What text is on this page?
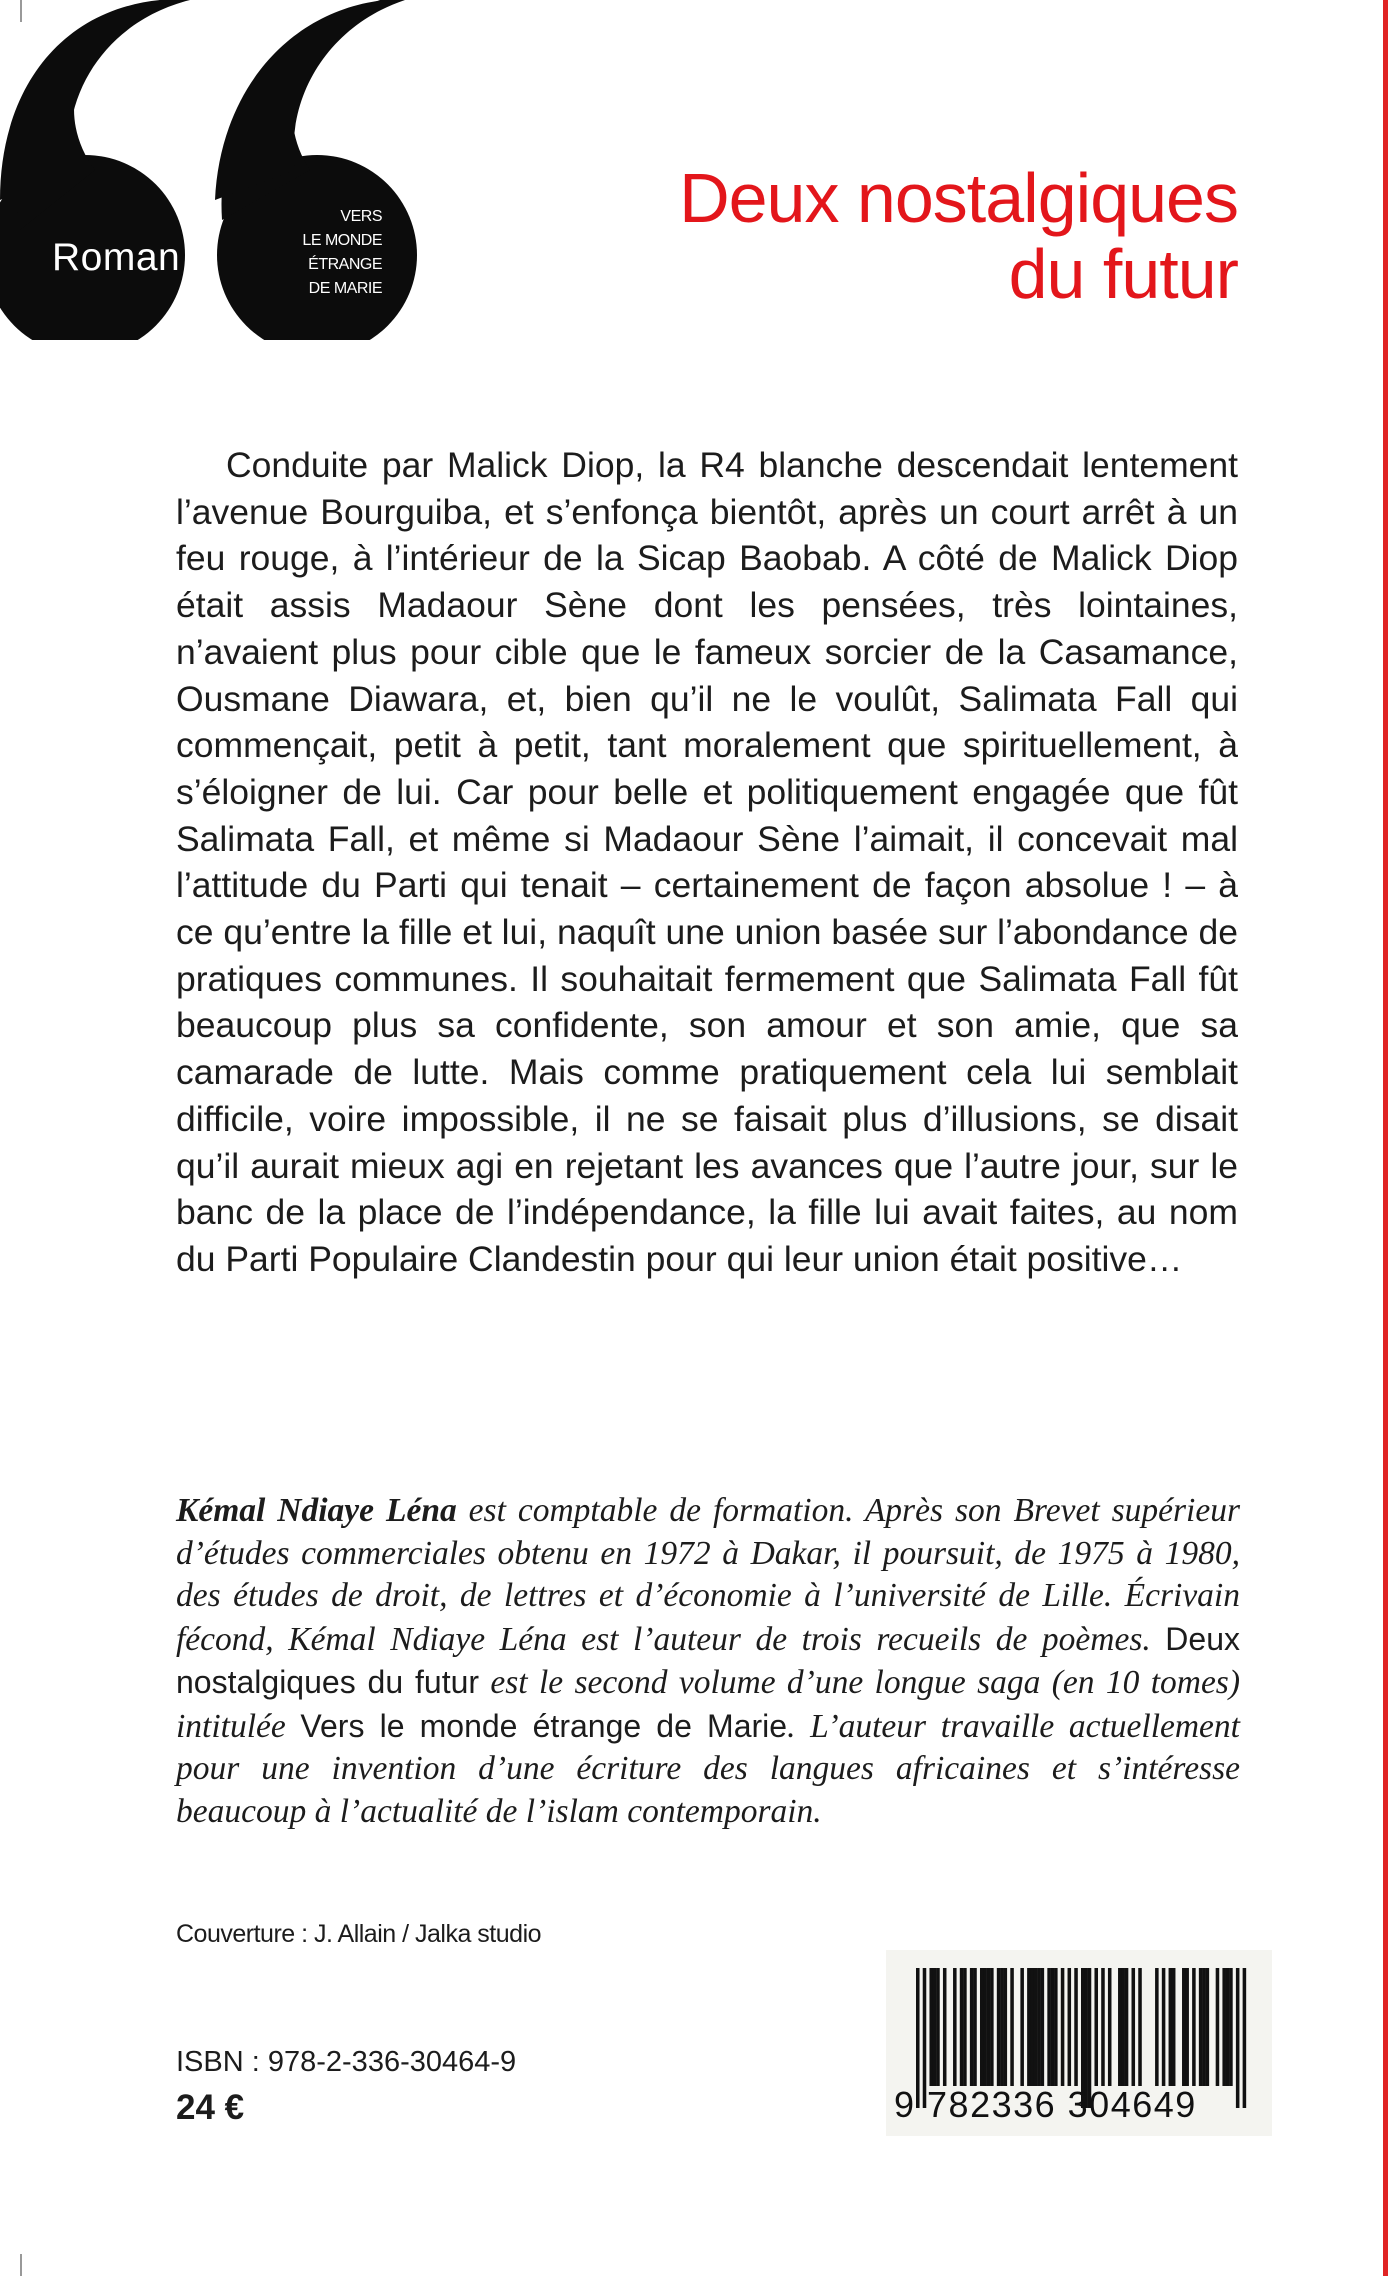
Roman
VERS
LE MONDE
ÉTRANGE
DE MARIE
Deux nostalgiques
du futur

Conduite par Malick Diop, la R4 blanche descendait lentement l’avenue Bourguiba, et s’enfonça bientôt, après un court arrêt à un feu rouge, à l’intérieur de la Sicap Baobab. A côté de Malick Diop était assis Madaour Sène dont les pensées, très lointaines, n’avaient plus pour cible que le fameux sorcier de la Casamance, Ousmane Diawara, et, bien qu’il ne le voulût, Salimata Fall qui commençait, petit à petit, tant moralement que spirituellement, à s’éloigner de lui. Car pour belle et politiquement engagée que fût Salimata Fall, et même si Madaour Sène l’aimait, il concevait mal l’attitude du Parti qui tenait – certainement de façon absolue ! – à ce qu’entre la fille et lui, naquît une union basée sur l’abondance de pratiques communes. Il souhaitait fermement que Salimata Fall fût beaucoup plus sa confidente, son amour et son amie, que sa camarade de lutte. Mais comme pratiquement cela lui semblait difficile, voire impossible, il ne se faisait plus d’illusions, se disait qu’il aurait mieux agi en rejetant les avances que l’autre jour, sur le banc de la place de l’indépendance, la fille lui avait faites, au nom du Parti Populaire Clandestin pour qui leur union était positive…

Kémal Ndiaye Léna est comptable de formation. Après son Brevet supérieur d’études commerciales obtenu en 1972 à Dakar, il poursuit, de 1975 à 1980, des études de droit, de lettres et d’économie à l’université de Lille. Écrivain fécond, Kémal Ndiaye Léna est l’auteur de trois recueils de poèmes. Deux nostalgiques du futur est le second volume d’une longue saga (en 10 tomes) intitulée Vers le monde étrange de Marie. L’auteur travaille actuellement pour une invention d’une écriture des langues africaines et s’intéresse beaucoup à l’actualité de l’islam contemporain.

Couverture : J. Allain / Jalka studio
ISBN : 978-2-336-30464-9
24 €	9 782336 304649
